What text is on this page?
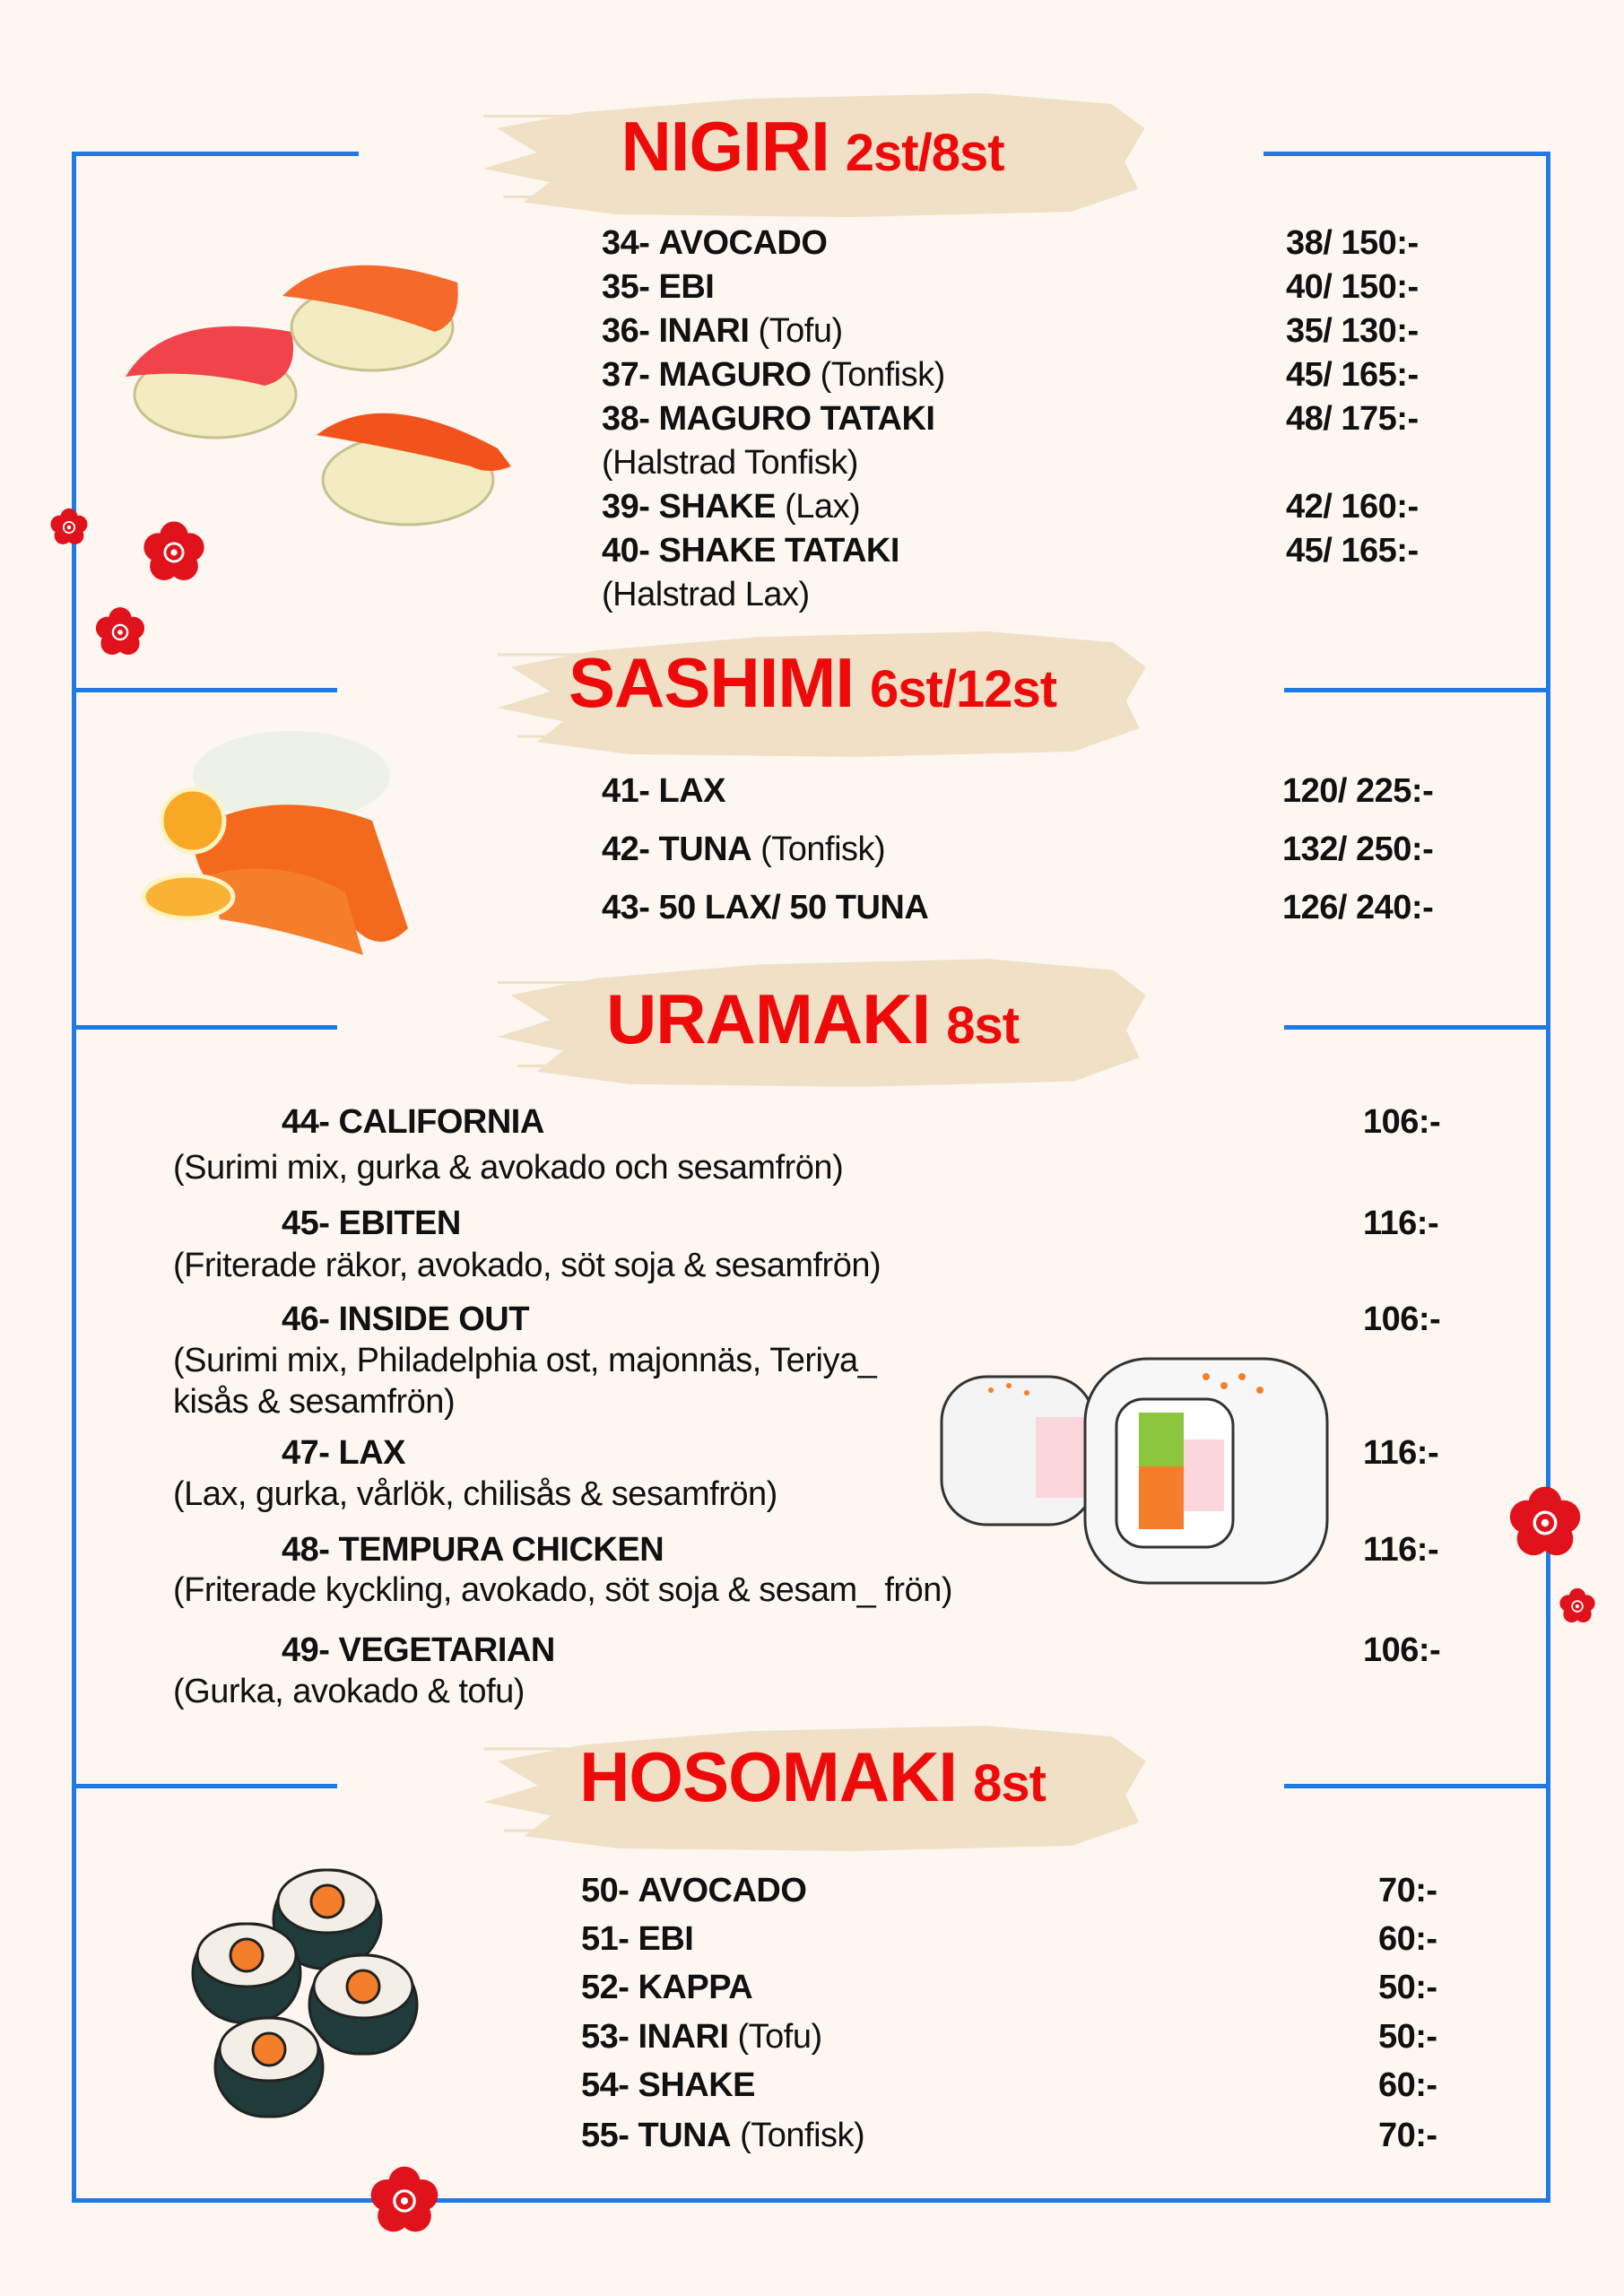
NIGIRI 2st/8st
34- AVOCADO	38/ 150:-
35- EBI	40/ 150:-
36- INARI (Tofu)	35/ 130:-
37- MAGURO (Tonfisk)	45/ 165:-
38- MAGURO TATAKI	48/ 175:-
(Halstrad Tonfisk)
39- SHAKE (Lax)	42/ 160:-
40- SHAKE TATAKI	45/ 165:-
(Halstrad Lax)
SASHIMI 6st/12st
41- LAX	120/ 225:-
42- TUNA (Tonfisk)	132/ 250:-
43- 50 LAX/ 50 TUNA	126/ 240:-
URAMAKI 8st
44- CALIFORNIA	106:-
(Surimi mix, gurka & avokado och sesamfrön)
45- EBITEN	116:-
(Friterade räkor, avokado, söt soja & sesamfrön)
46- INSIDE OUT	106:-
(Surimi mix, Philadelphia ost, majonnäs, Teriya_
kisås & sesamfrön)
47- LAX	116:-
(Lax, gurka, vårlök, chilisås & sesamfrön)
48- TEMPURA CHICKEN	116:-
(Friterade kyckling, avokado, söt soja & sesam_ frön)
49- VEGETARIAN	106:-
(Gurka, avokado & tofu)
HOSOMAKI 8st
50- AVOCADO	70:-
51- EBI	60:-
52- KAPPA	50:-
53- INARI (Tofu)	50:-
54- SHAKE	60:-
55- TUNA (Tonfisk)	70:-
